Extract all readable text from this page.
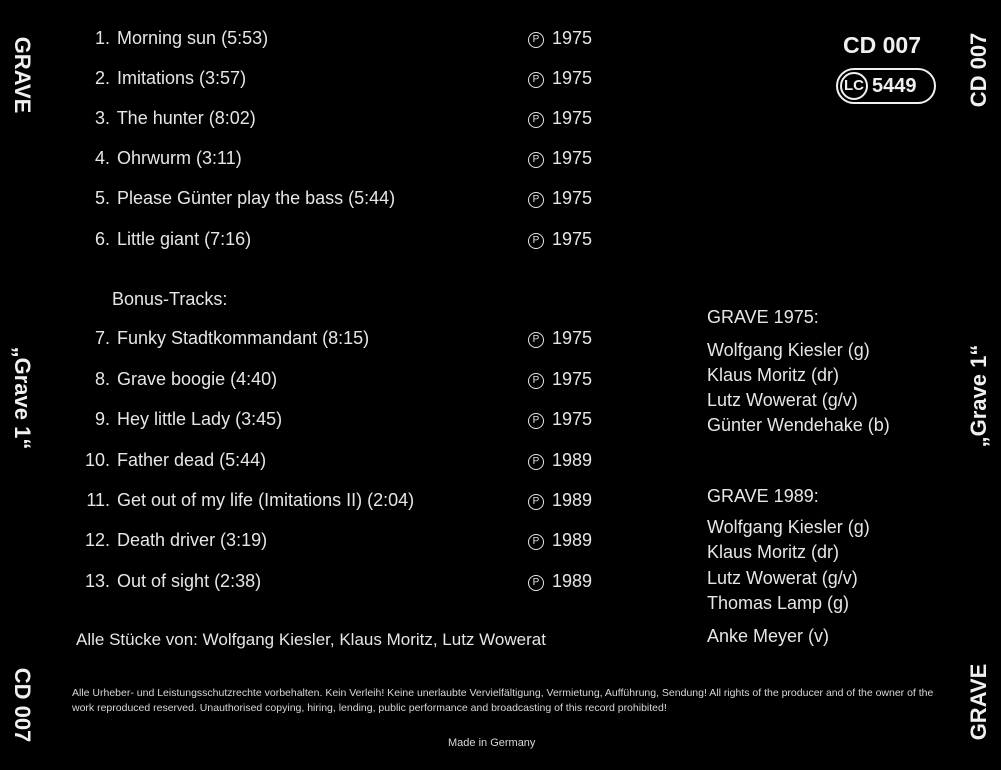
GRAVE
„Grave 1“
CD 007
CD 007
„Grave 1“
GRAVE
CD 007
LC 5449
1. Morning sun (5:53)	P 1975
2. Imitations (3:57)	P 1975
3. The hunter (8:02)	P 1975
4. Ohrwurm (3:11)	P 1975
5. Please Günter play the bass (5:44)	P 1975
6. Little giant (7:16)	P 1975
Bonus-Tracks:
7. Funky Stadtkommandant (8:15)	P 1975
8. Grave boogie (4:40)	P 1975
9. Hey little Lady (3:45)	P 1975
10. Father dead (5:44)	P 1989
11. Get out of my life (Imitations II) (2:04)	P 1989
12. Death driver (3:19)	P 1989
13. Out of sight (2:38)	P 1989
GRAVE 1975:
Wolfgang Kiesler (g)
Klaus Moritz (dr)
Lutz Wowerat (g/v)
Günter Wendehake (b)
GRAVE 1989:
Wolfgang Kiesler (g)
Klaus Moritz (dr)
Lutz Wowerat (g/v)
Thomas Lamp (g)
Anke Meyer (v)
Alle Stücke von: Wolfgang Kiesler, Klaus Moritz, Lutz Wowerat
Alle Urheber- und Leistungsschutzrechte vorbehalten. Kein Verleih! Keine unerlaubte Vervielfältigung, Vermietung, Aufführung, Sendung! All rights of the producer and of the owner of the work reproduced reserved. Unauthorised copying, hiring, lending, public performance and broadcasting of this record prohibited!
Made in Germany
